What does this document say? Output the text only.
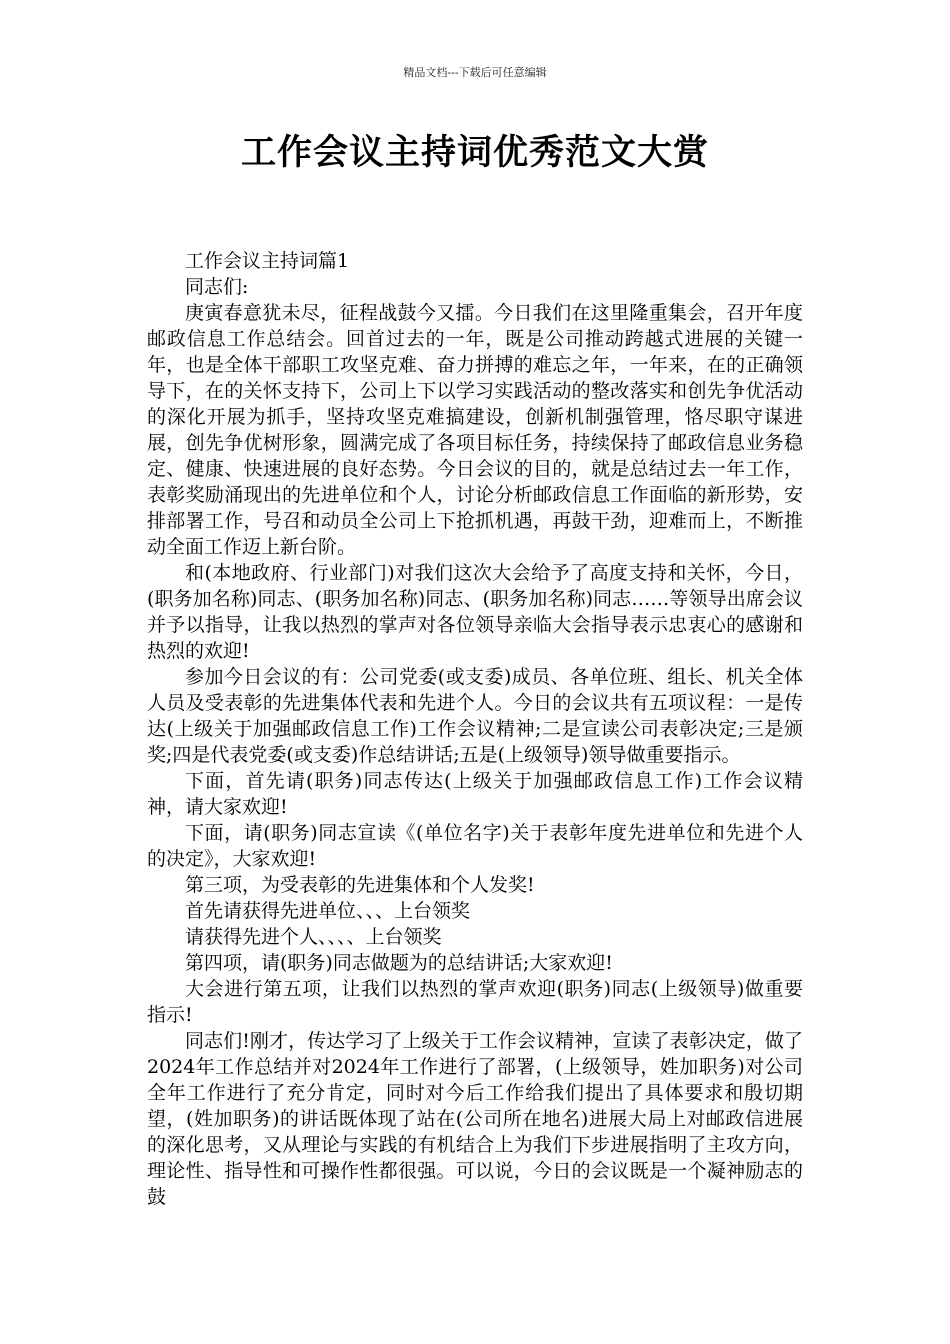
精品文档---下载后可任意编辑
工作会议主持词优秀范文大赏

工作会议主持词篇1

同志们:

庚寅春意犹未尽，征程战鼓今又擂。今日我们在这里隆重集会，召开年度邮政信息工作总结会。回首过去的一年，既是公司推动跨越式进展的关键一年，也是全体干部职工攻坚克难、奋力拼搏的难忘之年，一年来，在的正确领导下，在的关怀支持下，公司上下以学习实践活动的整改落实和创先争优活动的深化开展为抓手，坚持攻坚克难搞建设，创新机制强管理，恪尽职守谋进展，创先争优树形象，圆满完成了各项目标任务，持续保持了邮政信息业务稳定、健康、快速进展的良好态势。今日会议的目的，就是总结过去一年工作，表彰奖励涌现出的先进单位和个人，讨论分析邮政信息工作面临的新形势，安排部署工作，号召和动员全公司上下抢抓机遇，再鼓干劲，迎难而上，不断推动全面工作迈上新台阶。

和(本地政府、行业部门)对我们这次大会给予了高度支持和关怀，今日，(职务加名称)同志、(职务加名称)同志、(职务加名称)同志……等领导出席会议并予以指导，让我以热烈的掌声对各位领导亲临大会指导表示忠衷心的感谢和热烈的欢迎!

参加今日会议的有：公司党委(或支委)成员、各单位班、组长、机关全体人员及受表彰的先进集体代表和先进个人。今日的会议共有五项议程：一是传达(上级关于加强邮政信息工作)工作会议精神;二是宣读公司表彰决定;三是颁奖;四是代表党委(或支委)作总结讲话;五是(上级领导)领导做重要指示。

下面，首先请(职务)同志传达(上级关于加强邮政信息工作)工作会议精神，请大家欢迎!

下面，请(职务)同志宣读《(单位名字)关于表彰年度先进单位和先进个人的决定》，大家欢迎!

第三项，为受表彰的先进集体和个人发奖!

首先请获得先进单位、、、上台领奖

请获得先进个人、、、、上台领奖

第四项，请(职务)同志做题为的总结讲话;大家欢迎!

大会进行第五项，让我们以热烈的掌声欢迎(职务)同志(上级领导)做重要指示!

同志们!刚才，传达学习了上级关于工作会议精神，宣读了表彰决定，做了2024年工作总结并对2024年工作进行了部署，(上级领导，姓加职务)对公司全年工作进行了充分肯定，同时对今后工作给我们提出了具体要求和殷切期望，(姓加职务)的讲话既体现了站在(公司所在地名)进展大局上对邮政信进展的深化思考，又从理论与实践的有机结合上为我们下步进展指明了主攻方向，理论性、指导性和可操作性都很强。可以说，今日的会议既是一个凝神励志的鼓
